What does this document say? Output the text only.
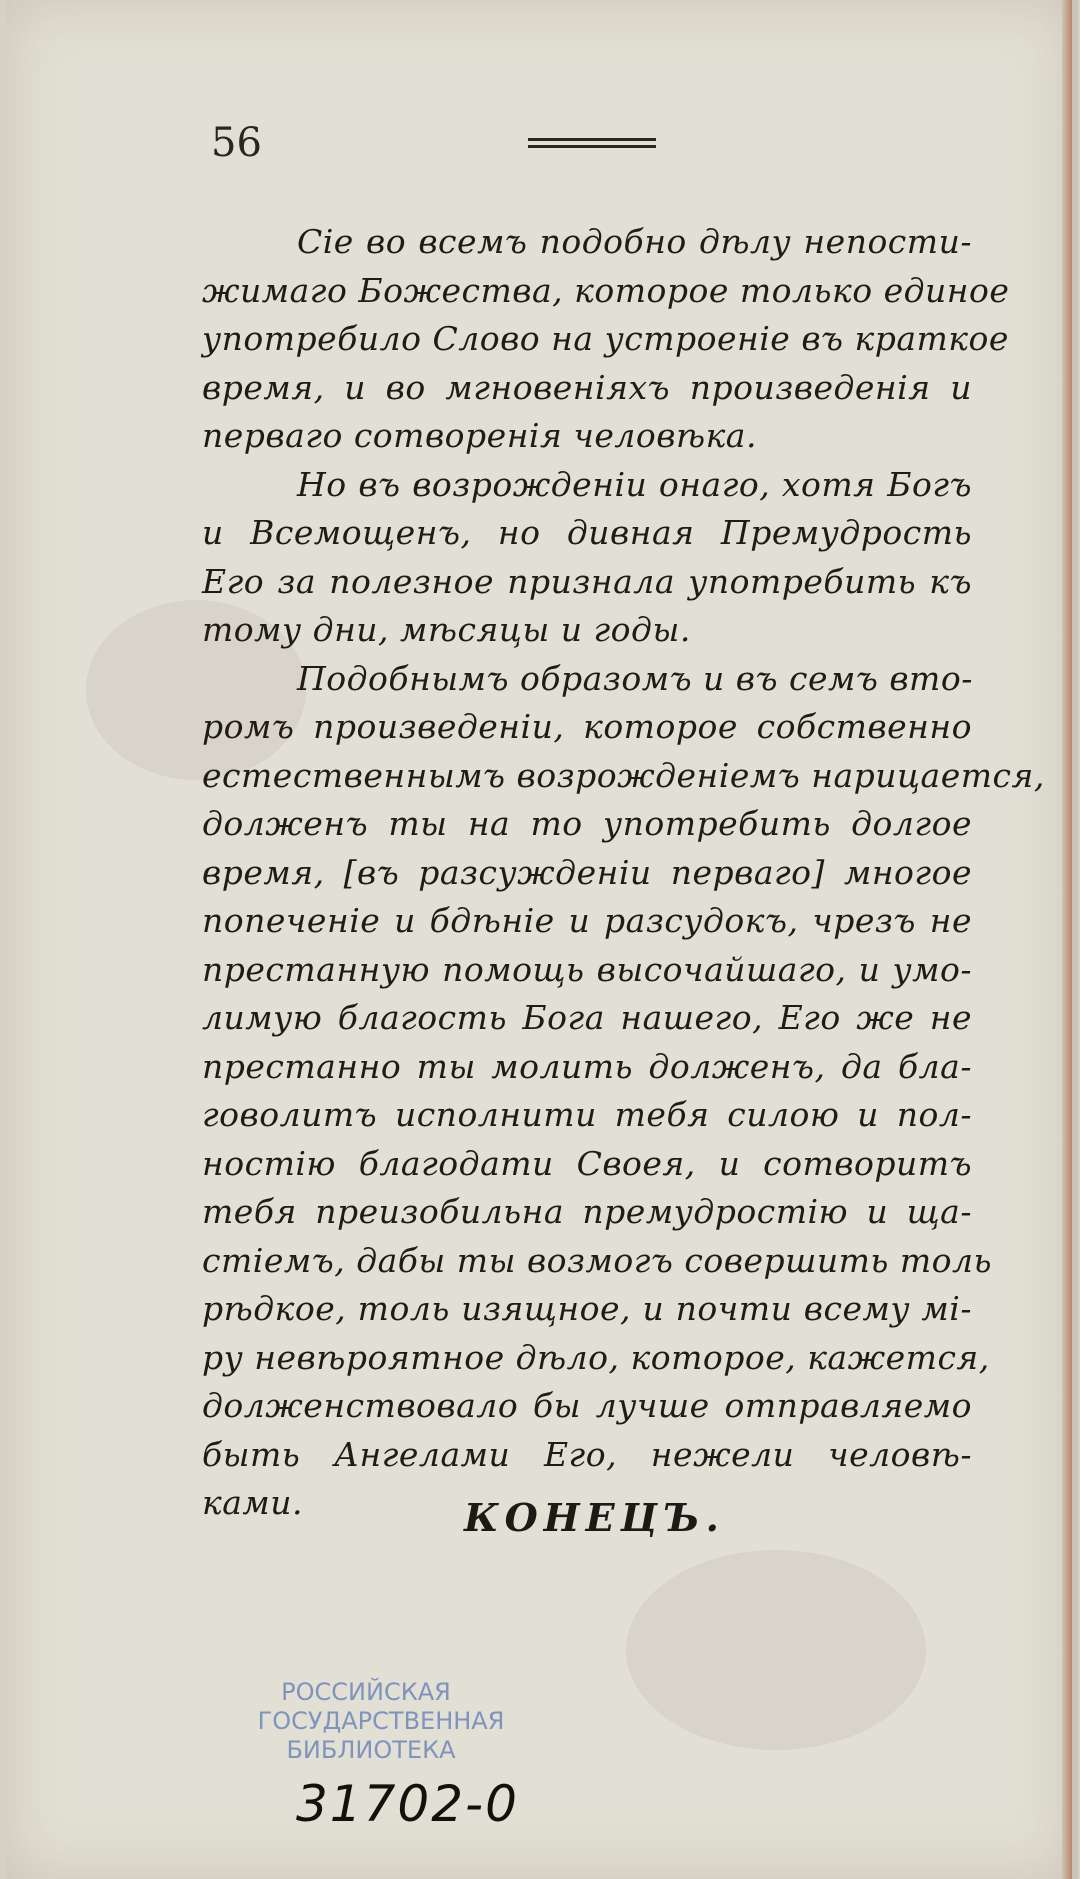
56
Сіе во всемъ подобно дѣлу непости-
жимаго Божества, которое только единое
употребило Слово на устроеніе въ краткое
время, и во мгновеніяхъ произведенія и
перваго сотворенія человѣка.
Но въ возрожденіи онаго, хотя Богъ
и Всемощенъ, но дивная Премудрость
Его за полезное признала употребить къ
тому дни, мѣсяцы и годы.
Подобнымъ образомъ и въ семъ вто-
ромъ произведеніи, которое собственно
естественнымъ возрожденіемъ нарицается,
долженъ ты на то употребить долгое
время, [въ разсужденіи перваго] многое
попеченіе и бдѣніе и разсудокъ, чрезъ не
престанную помощь высочайшаго, и умо-
лимую благость Бога нашего, Его же не
престанно ты молить долженъ, да бла-
говолитъ исполнити тебя силою и пол-
ностію благодати Своея, и сотворитъ
тебя преизобильна премудростію и ща-
стіемъ, дабы ты возмогъ совершить толь
рѣдкое, толь изящное, и почти всему мі-
ру невѣроятное дѣло, которое, кажется,
долженствовало бы лучше отправляемо
быть Ангелами Его, нежели человѣ-
ками.	КОНЕЦЪ.
РОССИЙСКАЯ
ГОСУДАРСТВЕННАЯ
БИБЛИОТЕКА
31702-0
